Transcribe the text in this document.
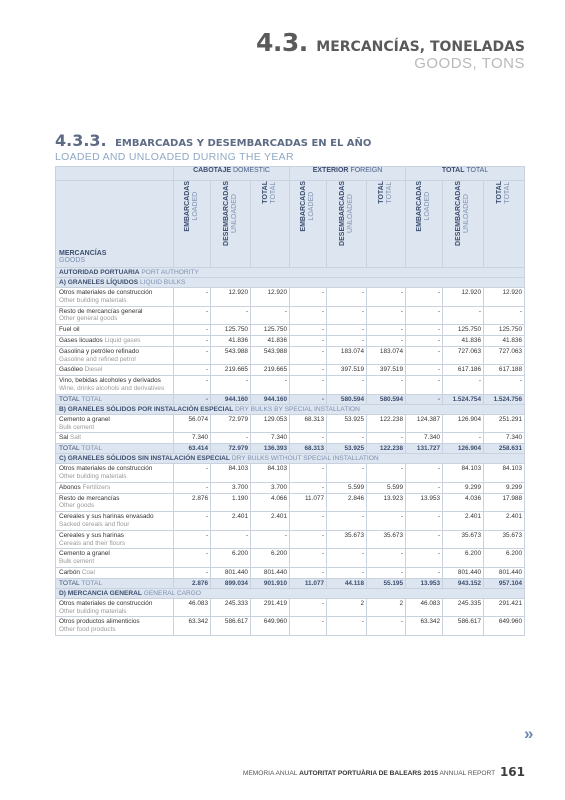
4.3. MERCANCÍAS, TONELADAS
GOODS, TONS
4.3.3. EMBARCADAS Y DESEMBARCADAS EN EL AÑO
LOADED AND UNLOADED DURING THE YEAR
	CABOTAJE DOMESTIC			EXTERIOR FOREIGN			TOTAL TOTAL		
MERCANCÍAS
GOODS	EMBARCADAS LOADED	DESEMBARCADAS UNLOADED	TOTAL TOTAL	EMBARCADAS LOADED	DESEMBARCADAS UNLOADED	TOTAL TOTAL	EMBARCADAS LOADED	DESEMBARCADAS UNLOADED	TOTAL TOTAL

AUTORIDAD PORTUARIA PORT AUTHORITY									
A) GRANELES LÍQUIDOS LIQUID BULKS									

Otros materiales de construcción
Other building materials	-	12.920	12.920	-	-	-	-	12.920	12.920

Resto de mercancías general
Other general goods	-	-	-	-	-	-	-	-	-

Fuel oil	-	125.750	125.750	-	-	-	-	125.750	125.750
Gases licuados Liquid gases	-	41.836	41.836	-	-	-	-	41.836	41.836

Gasolina y petróleo refinado
Gasoline and refined petrol	-	543.988	543.988	-	183.074	183.074	-	727.063	727.063
Gasóleo Diesel	-	219.665	219.665	-	397.519	397.519	-	617.186	617.188

Vino, bebidas alcoholes y derivados
Wine, drinks alcohols and derivatives	-	-	-	-	-	-	-	-	-
TOTAL TOTAL	-	944.160	944.160	-	580.594	580.594	-	1.524.754	1.524.756
B) GRANELES SÓLIDOS POR INSTALACIÓN ESPECIAL DRY BULKS BY SPECIAL INSTALLATION									

Cemento a granel
Bulk cement	56.074	72.979	129.053	68.313	53.925	122.238	124.387	126.904	251.291
Sal Salt	7.340	-	7.340	-	-	-	7.340	-	7.340
TOTAL TOTAL	63.414	72.979	136.393	68.313	53.925	122.238	131.727	126.904	258.631
C) GRANELES SÓLIDOS SIN INSTALACIÓN ESPECIAL DRY BULKS WITHOUT SPECIAL INSTALLATION									

Otros materiales de construcción
Other building materials	-	84.103	84.103	-	-	-	-	84.103	84.103
Abonos Fertilizers	-	3.700	3.700	-	5.599	5.599	-	9.299	9.299

Resto de mercancías
Other goods	2.876	1.190	4.066	11.077	2.846	13.923	13.953	4.036	17.988

Cereales y sus harinas envasado
Sacked cereals and flour	-	2.401	2.401	-	-	-	-	2.401	2.401

Cereales y sus harinas
Cereals and their flours	-	-	-	-	35.673	35.673	-	35.673	35.673

Cemento a granel
Bulk cement	-	6.200	6.200	-	-	-	-	6.200	6.200
Carbón Coal	-	801.440	801.440	-	-	-	-	801.440	801.440
TOTAL TOTAL	2.876	899.034	901.910	11.077	44.118	55.195	13.953	943.152	957.104
D) MERCANCIA GENERAL GENERAL CARGO									

Otros materiales de construcción
Other building materials	46.083	245.333	291.419	-	2	2	46.083	245.335	291.421

Otros productos alimenticios
Other food products	63.342	586.617	649.960	-	-	-	63.342	586.617	649.960
»
MEMORIA ANUAL AUTORITAT PORTUÀRIA DE BALEARS 2015 ANNUAL REPORT 161
